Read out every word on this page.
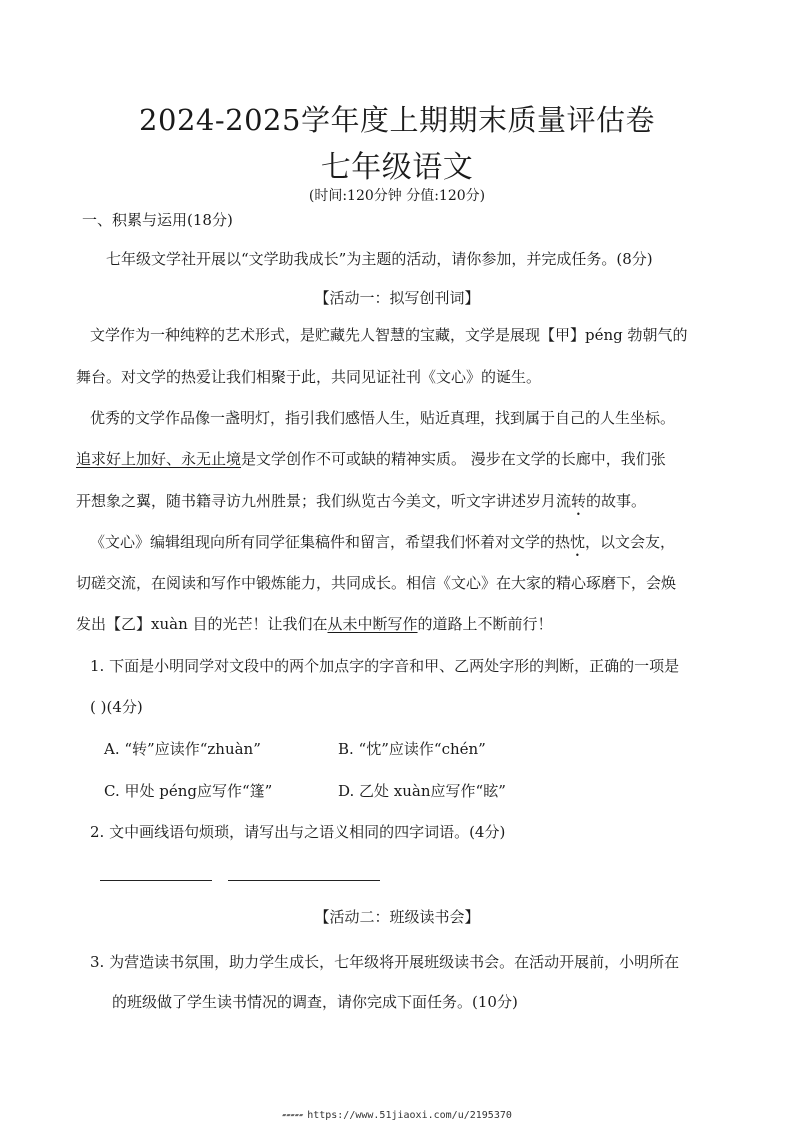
2024-2025学年度上期期末质量评估卷
七年级语文
(时间:120分钟 分值:120分)
一、积累与运用(18分)
七年级文学社开展以“文学助我成长”为主题的活动，请你参加，并完成任务。(8分)
【活动一：拟写创刊词】
文学作为一种纯粹的艺术形式，是贮藏先人智慧的宝藏，文学是展现【甲】péng 勃朝气的
舞台。对文学的热爱让我们相聚于此，共同见证社刊《文心》的诞生。
优秀的文学作品像一盏明灯，指引我们感悟人生，贴近真理，找到属于自己的人生坐标。
追求好上加好、永无止境是文学创作不可或缺的精神实质。 漫步在文学的长廊中，我们张
开想象之翼，随书籍寻访九州胜景；我们纵览古今美文，听文字讲述岁月流转的故事。
《文心》编辑组现向所有同学征集稿件和留言，希望我们怀着对文学的热忱，以文会友，
切磋交流，在阅读和写作中锻炼能力，共同成长。相信《文心》在大家的精心琢磨下，会焕
发出【乙】xuàn 目的光芒！让我们在从未中断写作的道路上不断前行！
1. 下面是小明同学对文段中的两个加点字的字音和甲、乙两处字形的判断，正确的一项是
( )(4分)
A. “转”应读作“zhuàn”	B. “忱”应读作“chén”
C. 甲处 péng应写作“篷”	D. 乙处 xuàn应写作“眩”
2. 文中画线语句烦琐，请写出与之语义相同的四字词语。(4分)
【活动二：班级读书会】
3. 为营造读书氛围，助力学生成长，七年级将开展班级读书会。在活动开展前，小明所在
的班级做了学生读书情况的调查，请你完成下面任务。(10分)
▰▰▰▰▰ https://www.51jiaoxi.com/u/2195370
